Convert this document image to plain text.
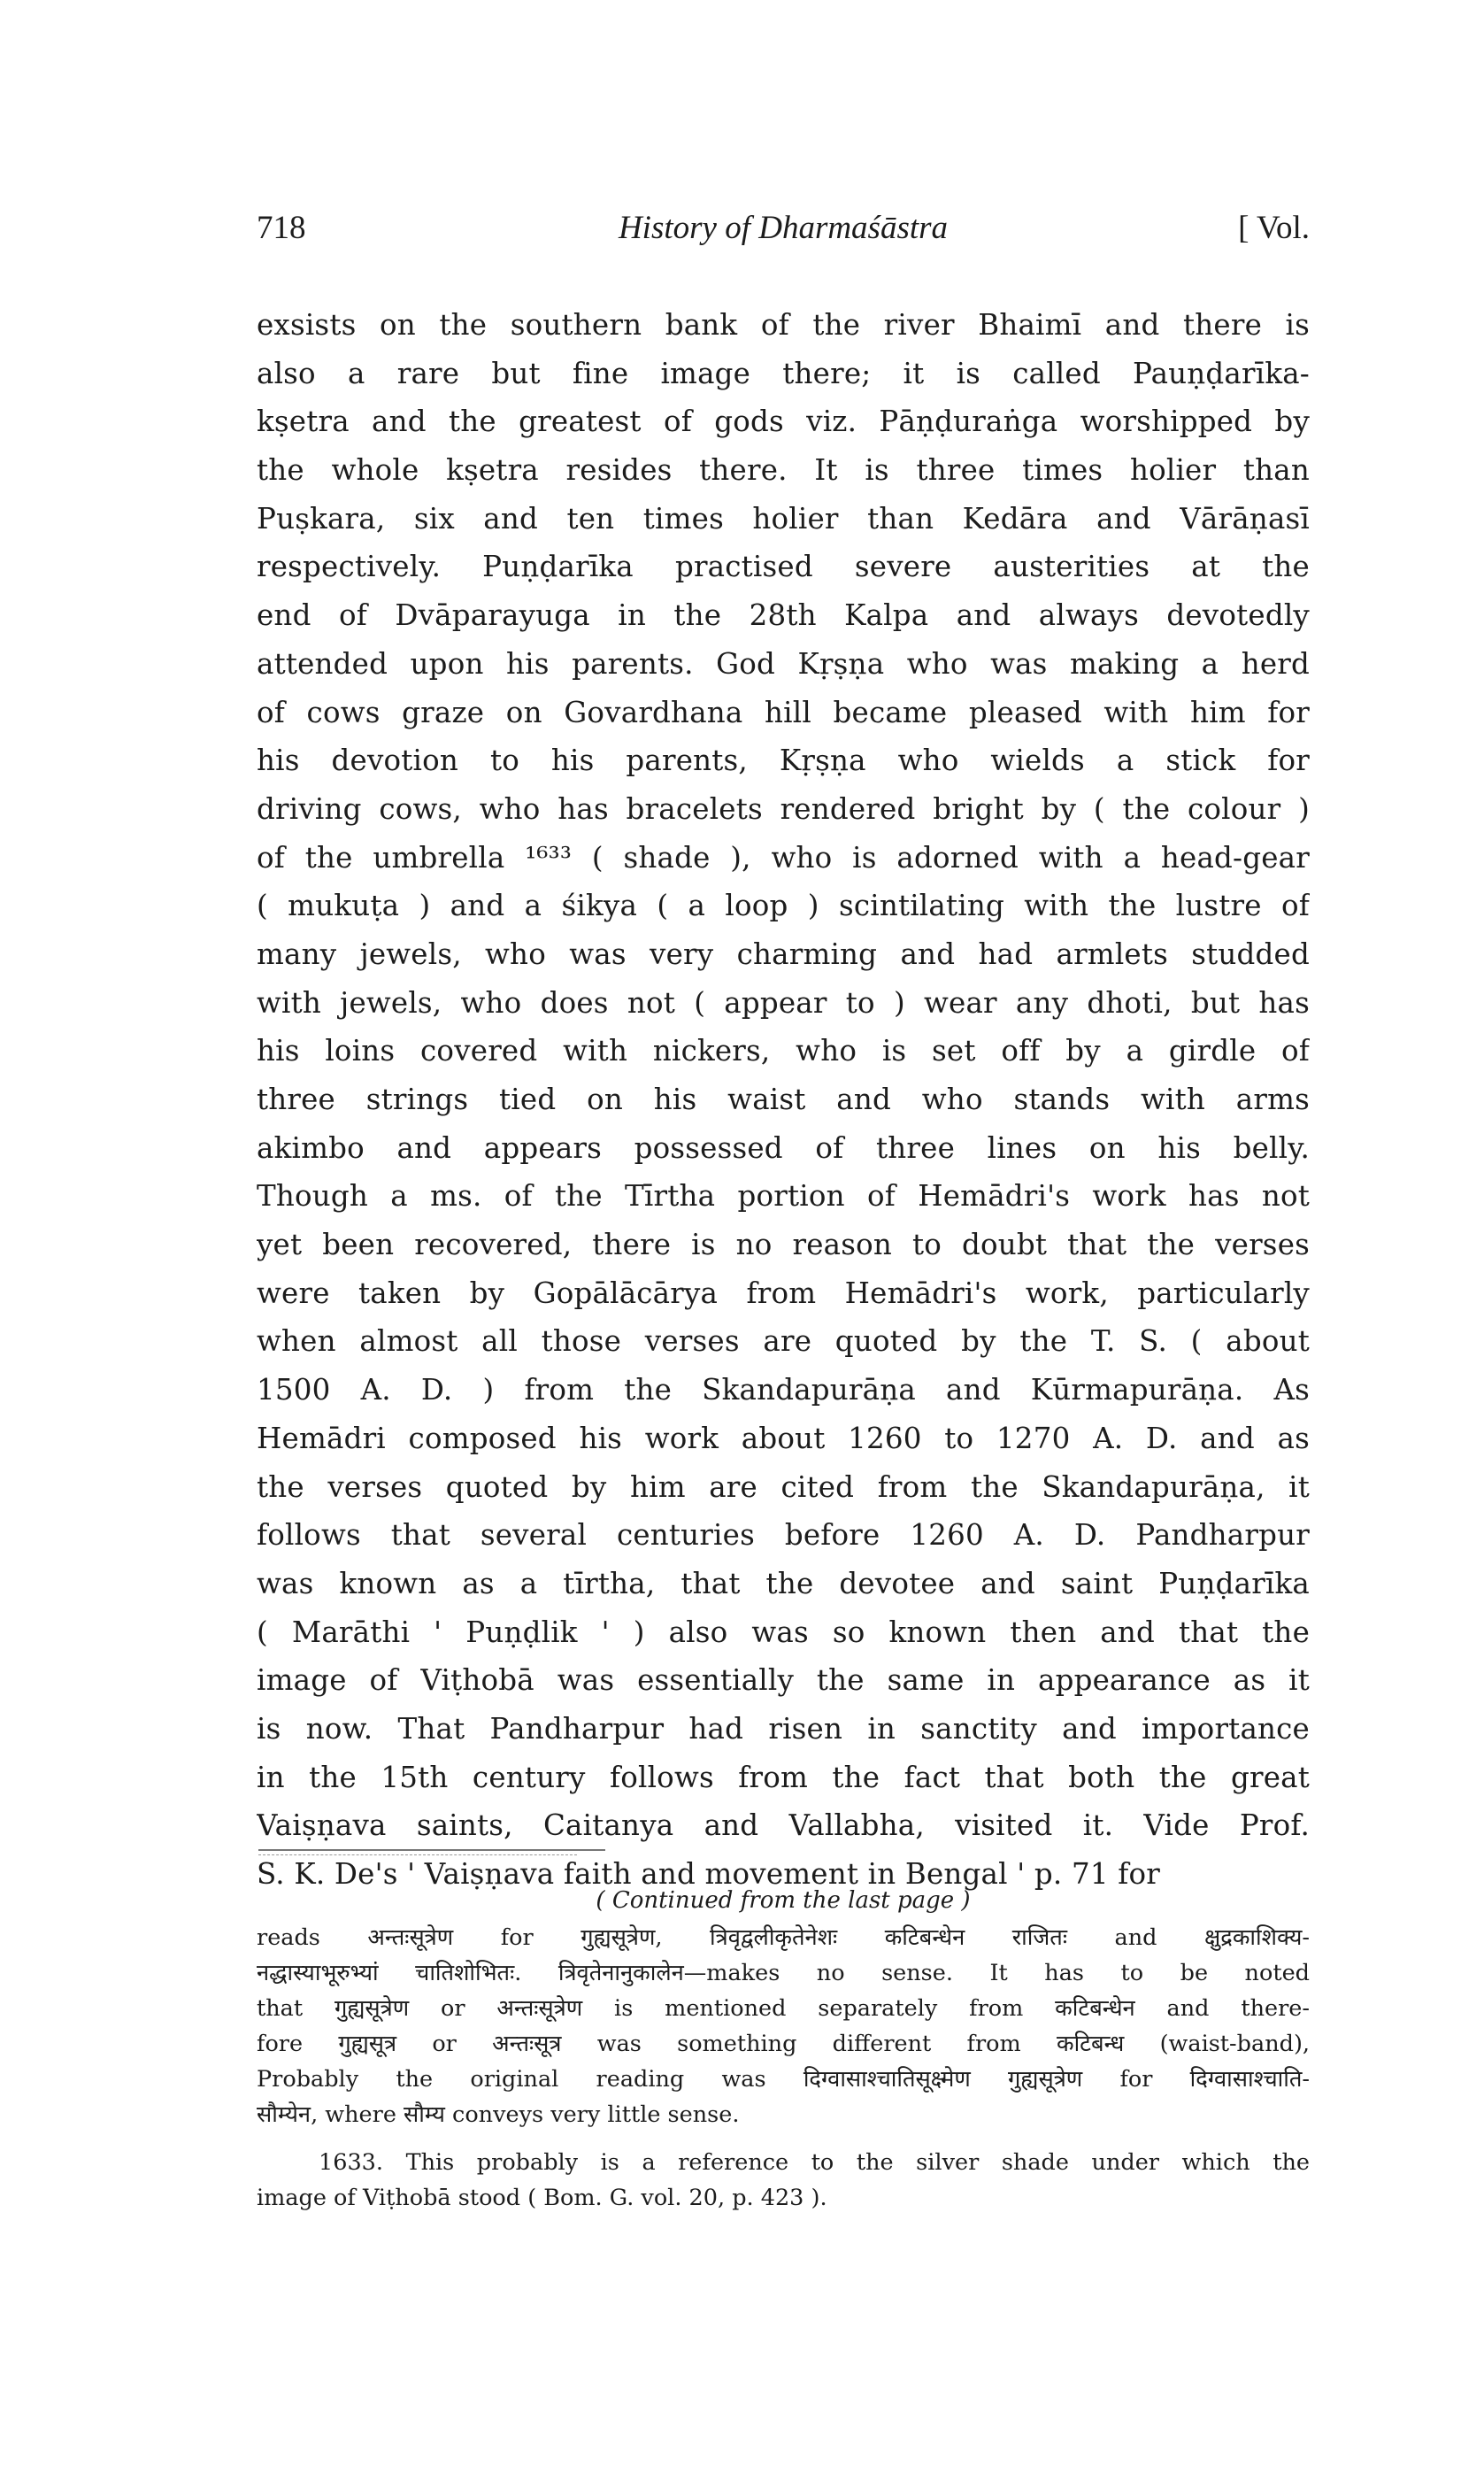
718	History of Dharmaśāstra	[ Vol.
exsists on the southern bank of the river Bhaimī and there is
also a rare but fine image there; it is called Pauṇḍarīka-
kṣetra and the greatest of gods viz. Pāṇḍuraṅga worshipped by
the whole kṣetra resides there. It is three times holier than
Puṣkara, six and ten times holier than Kedāra and Vārāṇasī
respectively. Puṇḍarīka practised severe austerities at the
end of Dvāparayuga in the 28th Kalpa and always devotedly
attended upon his parents. God Kṛṣṇa who was making a herd
of cows graze on Govardhana hill became pleased with him for
his devotion to his parents, Kṛṣṇa who wields a stick for
driving cows, who has bracelets rendered bright by ( the colour )
of the umbrella ¹⁶³³ ( shade ), who is adorned with a head-gear
( mukuṭa ) and a śikya ( a loop ) scintilating with the lustre of
many jewels, who was very charming and had armlets studded
with jewels, who does not ( appear to ) wear any dhoti, but has
his loins covered with nickers, who is set off by a girdle of
three strings tied on his waist and who stands with arms
akimbo and appears possessed of three lines on his belly.
Though a ms. of the Tīrtha portion of Hemādri's work has not
yet been recovered, there is no reason to doubt that the verses
were taken by Gopālācārya from Hemādri's work, particularly
when almost all those verses are quoted by the T. S. ( about
1500 A. D. ) from the Skandapurāṇa and Kūrmapurāṇa. As
Hemādri composed his work about 1260 to 1270 A. D. and as
the verses quoted by him are cited from the Skandapurāṇa, it
follows that several centuries before 1260 A. D. Pandharpur
was known as a tīrtha, that the devotee and saint Puṇḍarīka
( Marāthi ' Puṇḍlik ' ) also was so known then and that the
image of Viṭhobā was essentially the same in appearance as it
is now. That Pandharpur had risen in sanctity and importance
in the 15th century follows from the fact that both the great
Vaiṣṇava saints, Caitanya and Vallabha, visited it. Vide Prof.
S. K. De's ' Vaiṣṇava faith and movement in Bengal ' p. 71 for
( Continued from the last page )
reads अन्तःसूत्रेण for गुह्यसूत्रेण, त्रिवृद्वलीकृतेनेशः कटिबन्धेन राजितः and क्षुद्रकाशिक्य-
नद्धास्याभूरुभ्यां चातिशोभितः. त्रिवृतेनानुकालेन—makes no sense. It has to be noted
that गुह्यसूत्रेण or अन्तःसूत्रेण is mentioned separately from कटिबन्धेन and there-
fore गुह्यसूत्र or अन्तःसूत्र was something different from कटिबन्ध (waist-band),
Probably the original reading was दिग्वासाश्चातिसूक्ष्मेण गुह्यसूत्रेण for दिग्वासाश्चाति-
सौम्येन, where सौम्य conveys very little sense.
1633. This probably is a reference to the silver shade under which the
image of Viṭhobā stood ( Bom. G. vol. 20, p. 423 ).
